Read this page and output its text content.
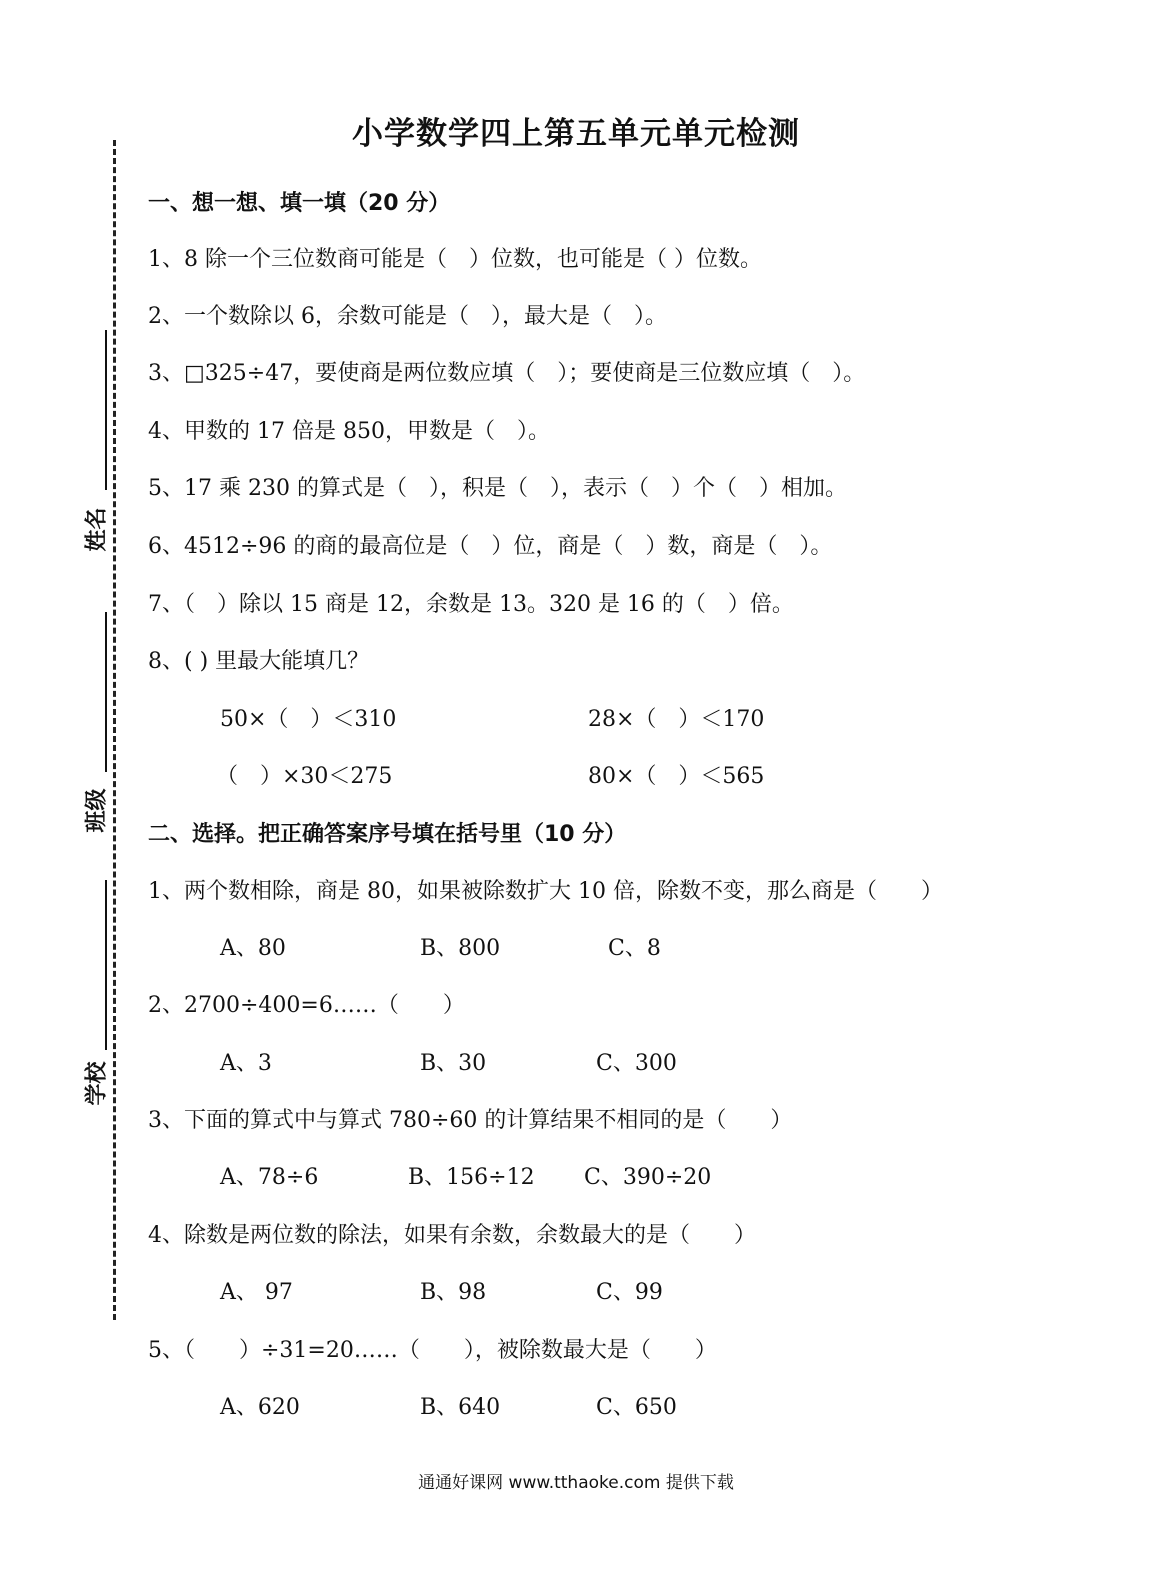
姓名
班级
学校
小学数学四上第五单元单元检测
一、想一想、填一填（20 分）
1、8 除一个三位数商可能是（　）位数，也可能是（ ）位数。
2、一个数除以 6，余数可能是（　），最大是（　）。
3、□325÷47，要使商是两位数应填（　）；要使商是三位数应填（　）。
4、甲数的 17 倍是 850，甲数是（　）。
5、17 乘 230 的算式是（　），积是（　），表示（　）个（　）相加。
6、4512÷96 的商的最高位是（　）位，商是（　）数，商是（　）。
7、（　）除以 15 商是 12，余数是 13。320 是 16 的（　）倍。
8、( ) 里最大能填几？
50×（　）＜310	28×（　）＜170
（　）×30＜275	80×（　）＜565
二、选择。把正确答案序号填在括号里（10 分）
1、两个数相除，商是 80，如果被除数扩大 10 倍，除数不变，那么商是（　　）
A、80	B、800	C、8
2、2700÷400=6……（　　）
A、3	B、30	C、300
3、下面的算式中与算式 780÷60 的计算结果不相同的是（　　）
A、78÷6	B、156÷12 C、390÷20
4、除数是两位数的除法，如果有余数，余数最大的是（　　）
A、 97	B、98	C、99
5、（　　）÷31=20……（　　），被除数最大是（　　）
A、620	B、640	C、650
通通好课网 www.tthaoke.com 提供下载
